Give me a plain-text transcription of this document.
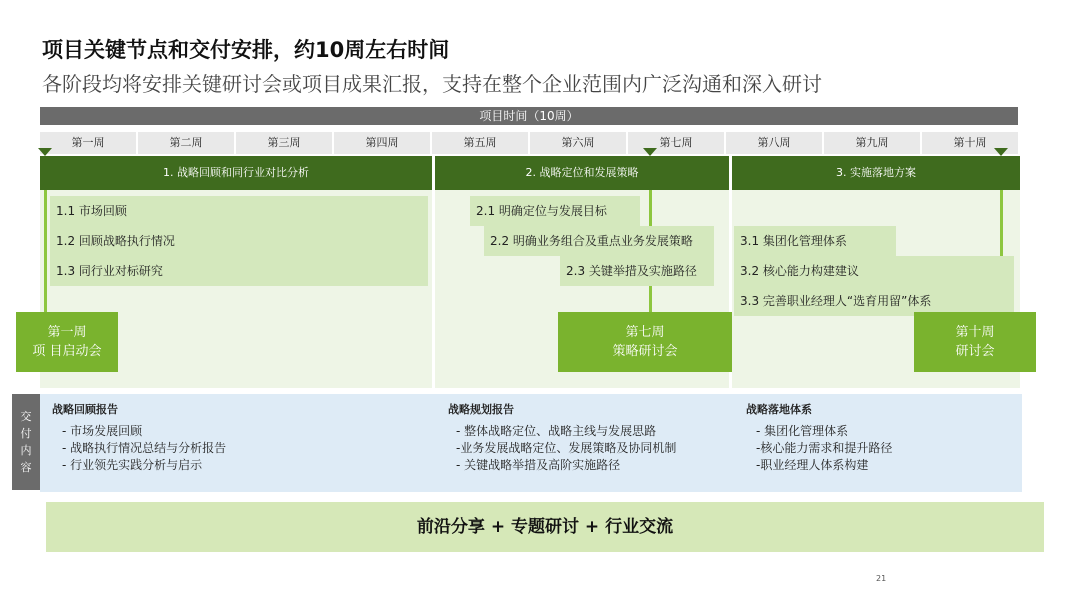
项目关键节点和交付安排，约10周左右时间
各阶段均将安排关键研讨会或项目成果汇报，支持在整个企业范围内广泛沟通和深入研讨
项目时间（10周）
第一周	第二周	第三周	第四周	第五周	第六周	第七周	第八周	第九周	第十周
1. 战略回顾和同行业对比分析
1.1 市场回顾
1.2 回顾战略执行情况
1.3 同行业对标研究
第一周
项 目启动会
2. 战略定位和发展策略
2.1 明确定位与发展目标
2.2 明确业务组合及重点业务发展策略
2.3 关键举措及实施路径
第七周
策略研讨会
3. 实施落地方案
3.1 集团化管理体系
3.2 核心能力构建建议
3.3 完善职业经理人“选育用留”体系
第十周
研讨会
交付内容
战略回顾报告
- 市场发展回顾
- 战略执行情况总结与分析报告
- 行业领先实践分析与启示
战略规划报告
- 整体战略定位、战略主线与发展思路
-业务发展战略定位、发展策略及协同机制
- 关键战略举措及高阶实施路径
战略落地体系
- 集团化管理体系
-核心能力需求和提升路径
-职业经理人体系构建
前沿分享 + 专题研讨 + 行业交流
21
